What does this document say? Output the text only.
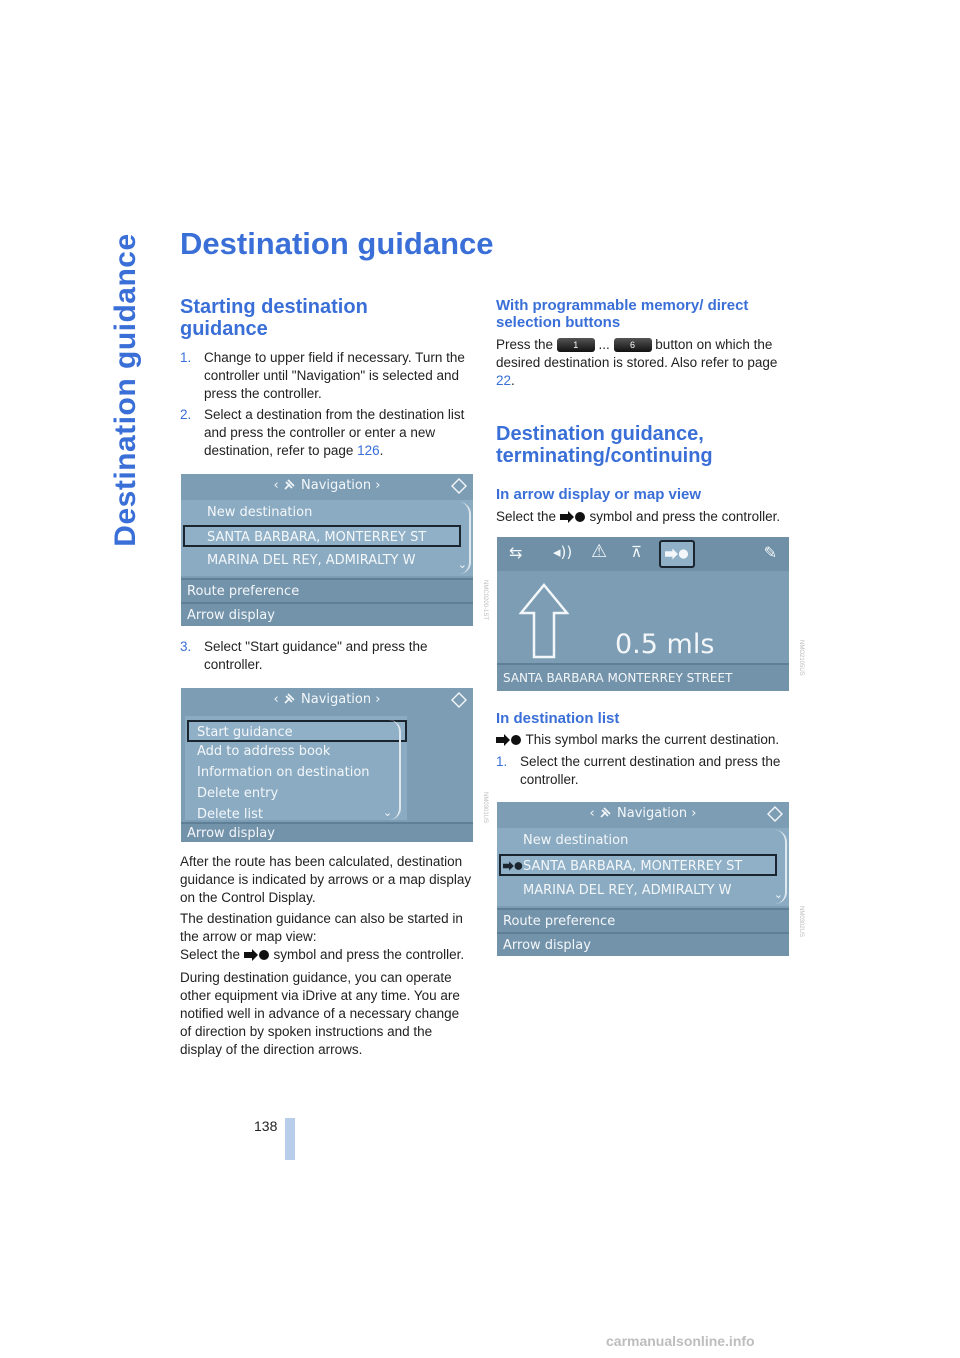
Destination guidance Destination guidance
Starting destination guidance
1. Change to upper field if necessary. Turn the controller until "Navigation" is selected and press the controller.

2. Select a destination from the destination list and press the controller or enter a new destination, refer to page 126.

‹  Navigation ›
New destination
SANTA BARBARA, MONTERREY ST
MARINA DEL REY, ADMIRALTY W	⌄
Route preference
Arrow display	NMC0200-1ST
3. Select "Start guidance" and press the controller.

‹  Navigation ›
Start guidance
Add to address book
Information on destination
Delete entry
Delete list	⌄
Arrow display
NM0301US

After the route has been calculated, destination guidance is indicated by arrows or a map display on the Control Display.

The destination guidance can also be started in the arrow or map view:

Select the  symbol and press the controller.

During destination guidance, you can operate other equipment via iDrive at any time. You are notified well in advance of a necessary change of direction by spoken instructions and the display of the direction arrows.

With programmable memory/ direct selection buttons

Press the 1 ... 6 button on which the desired destination is stored. Also refer to page 22.

Destination guidance, terminating/continuing
In arrow display or map view

Select the  symbol and press the controller.

⇆ ◂)) ⚠ ⊼	✎
0.5 mls
SANTA BARBARA MONTERREY STREET
NMO2105US
In destination list

This symbol marks the current destination.

1. Select the current destination and press the controller.

‹  Navigation ›
New destination
SANTA BARBARA, MONTERREY ST
MARINA DEL REY, ADMIRALTY W	⌄
Route preference
Arrow display
NM0302US
138
carmanualsonline.info
